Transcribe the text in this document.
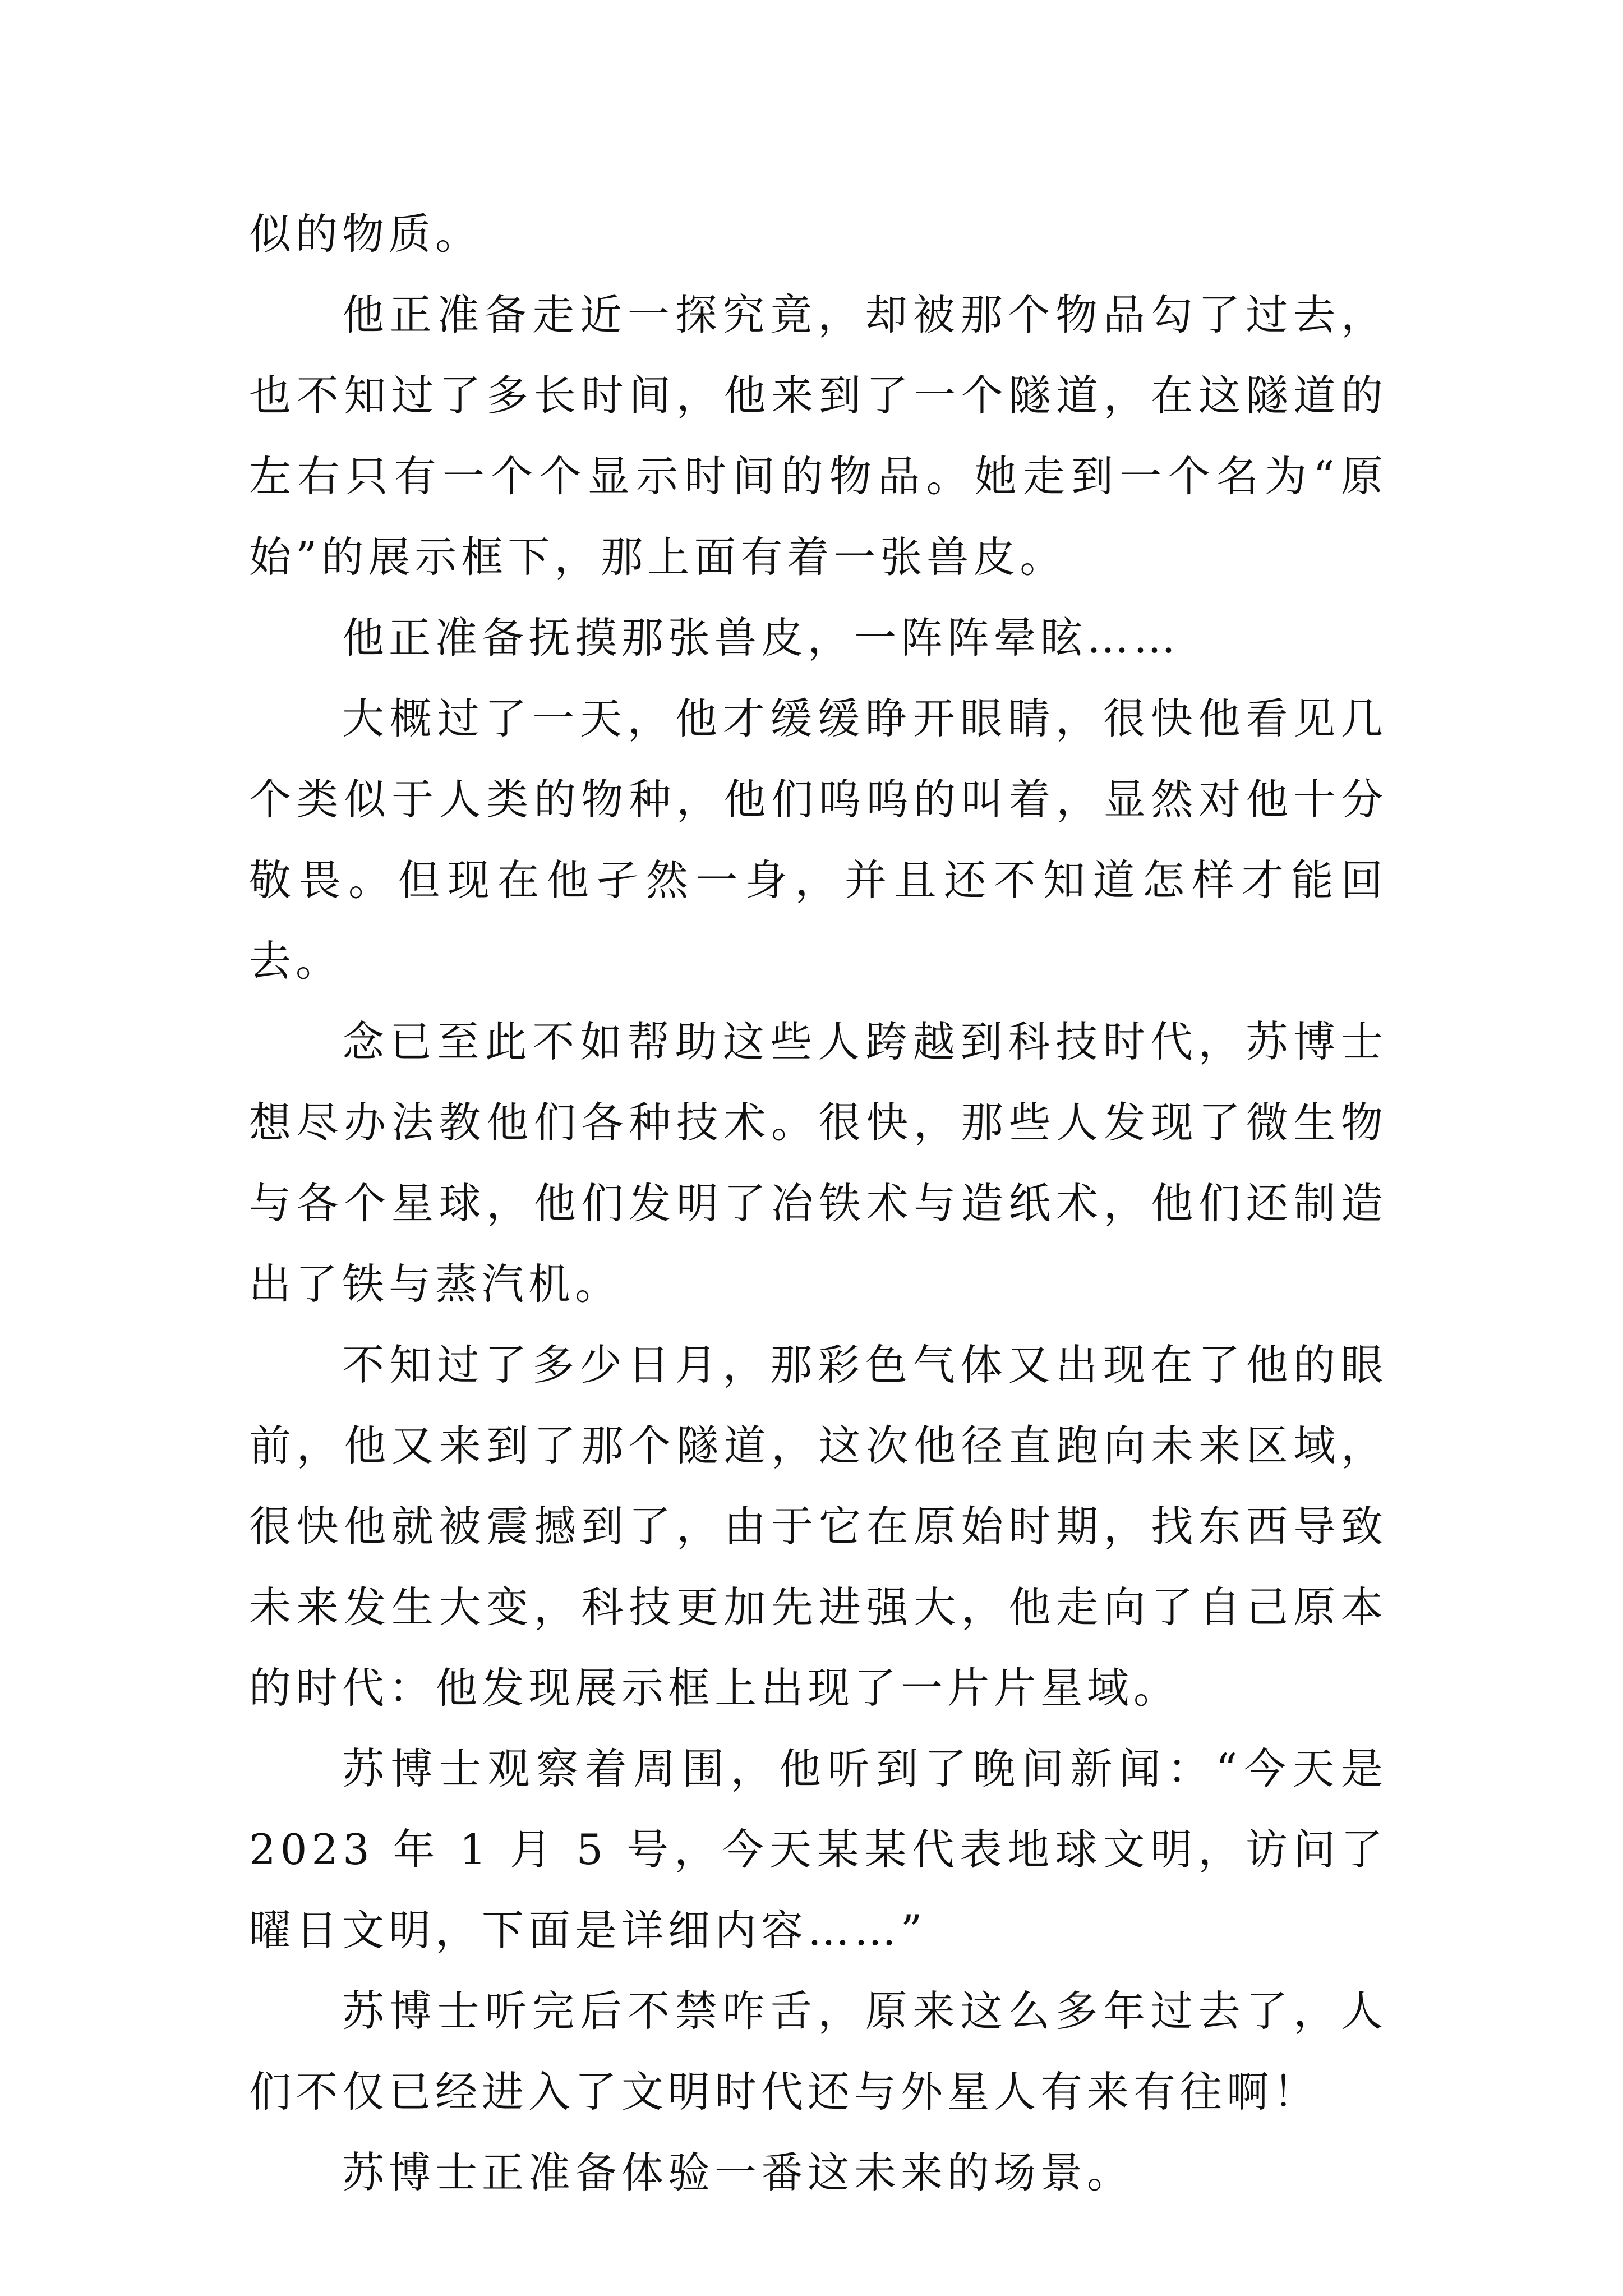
似的物质。

他正准备走近一探究竟，却被那个物品勾了过去，也不知过了多长时间，他来到了一个隧道，在这隧道的左右只有一个个显示时间的物品。她走到一个名为“原始”的展示框下，那上面有着一张兽皮。

他正准备抚摸那张兽皮，一阵阵晕眩……

大概过了一天，他才缓缓睁开眼睛，很快他看见几个类似于人类的物种，他们呜呜的叫着，显然对他十分敬畏。但现在他孑然一身，并且还不知道怎样才能回去。

念已至此不如帮助这些人跨越到科技时代，苏博士想尽办法教他们各种技术。很快，那些人发现了微生物与各个星球，他们发明了冶铁术与造纸术，他们还制造出了铁与蒸汽机。

不知过了多少日月，那彩色气体又出现在了他的眼前，他又来到了那个隧道，这次他径直跑向未来区域，很快他就被震撼到了，由于它在原始时期，找东西导致未来发生大变，科技更加先进强大，他走向了自己原本的时代：他发现展示框上出现了一片片星域。

苏博士观察着周围，他听到了晚间新闻：“今天是 2023 年 1 月 5 号，今天某某代表地球文明，访问了曜日文明，下面是详细内容……”

苏博士听完后不禁咋舌，原来这么多年过去了，人们不仅已经进入了文明时代还与外星人有来有往啊！

苏博士正准备体验一番这未来的场景。
